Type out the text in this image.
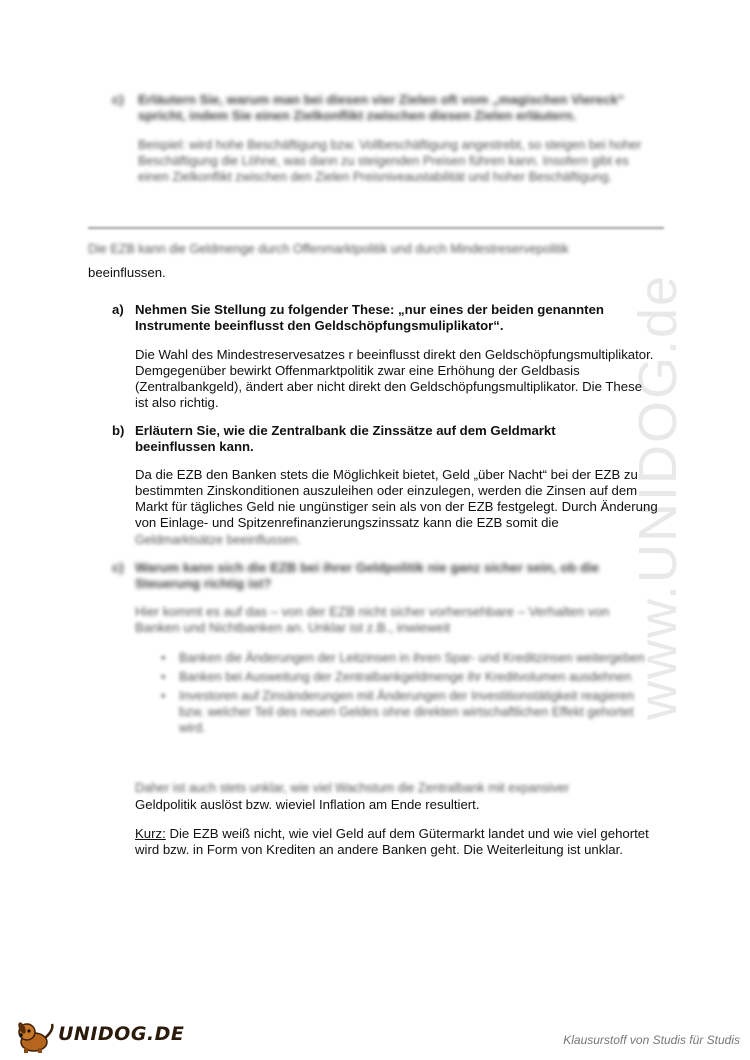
www.UNIDOG.de
c) Erläutern Sie, warum man bei diesen vier Zielen oft vom „magischen Viereck“ spricht, indem Sie einen Zielkonflikt zwischen diesen Zielen erläutern.
Beispiel: wird hohe Beschäftigung bzw. Vollbeschäftigung angestrebt, so steigen bei hoher Beschäftigung die Löhne, was dann zu steigenden Preisen führen kann. Insofern gibt es einen Zielkonflikt zwischen den Zielen Preisniveaustabilität und hoher Beschäftigung.
Die EZB kann die Geldmenge durch Offenmarktpolitik und durch Mindestreservepolitik
beeinflussen.
a) Nehmen Sie Stellung zu folgender These: „nur eines der beiden genannten Instrumente beeinflusst den Geldschöpfungsmuliplikator“.
Die Wahl des Mindestreservesatzes r beeinflusst direkt den Geldschöpfungsmultiplikator. Demgegenüber bewirkt Offenmarktpolitik zwar eine Erhöhung der Geldbasis (Zentralbankgeld), ändert aber nicht direkt den Geldschöpfungsmultiplikator. Die These ist also richtig.
b) Erläutern Sie, wie die Zentralbank die Zinssätze auf dem Geldmarkt beeinflussen kann.
Da die EZB den Banken stets die Möglichkeit bietet, Geld „über Nacht“ bei der EZB zu bestimmten Zinskonditionen auszuleihen oder einzulegen, werden die Zinsen auf dem Markt für tägliches Geld nie ungünstiger sein als von der EZB festgelegt. Durch Änderung von Einlage- und Spitzenrefinanzierungszinssatz kann die EZB somit die
Geldmarktsätze beeinflussen.
c) Warum kann sich die EZB bei ihrer Geldpolitik nie ganz sicher sein, ob die Steuerung richtig ist?
Hier kommt es auf das – von der EZB nicht sicher vorhersehbare – Verhalten von Banken und Nichtbanken an. Unklar ist z.B., inwieweit
• Banken die Änderungen der Leitzinsen in ihren Spar- und Kreditzinsen weitergeben
• Banken bei Ausweitung der Zentralbankgeldmenge ihr Kreditvolumen ausdehnen
• Investoren auf Zinsänderungen mit Änderungen der Investitionstätigkeit reagieren bzw. welcher Teil des neuen Geldes ohne direkten wirtschaftlichen Effekt gehortet wird.
Daher ist auch stets unklar, wie viel Wachstum die Zentralbank mit expansiver
Geldpolitik auslöst bzw. wieviel Inflation am Ende resultiert.
Kurz: Die EZB weiß nicht, wie viel Geld auf dem Gütermarkt landet und wie viel gehortet wird bzw. in Form von Krediten an andere Banken geht. Die Weiterleitung ist unklar.
UNIDOG.DE	Klausurstoff von Studis für Studis
